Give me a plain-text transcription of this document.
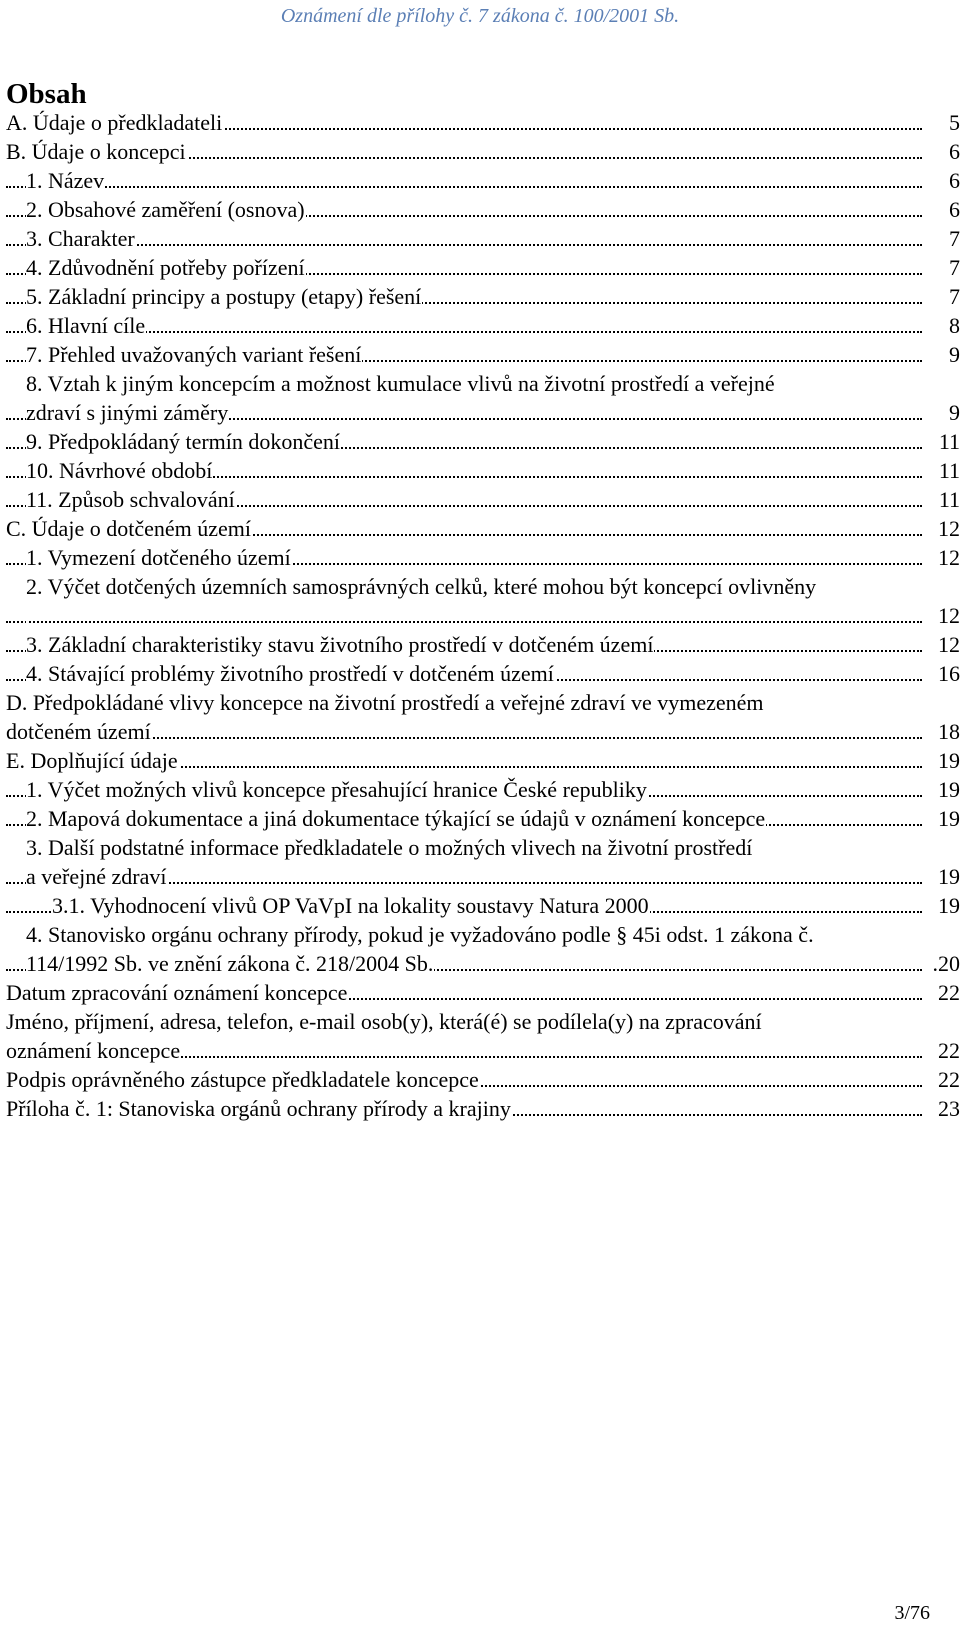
Oznámení dle přílohy č. 7 zákona č. 100/2001 Sb.
Obsah
A. Údaje o předkladateli	5
B. Údaje o koncepci	6
1. Název	6
2. Obsahové zaměření (osnova)	6
3. Charakter	7
4. Zdůvodnění potřeby pořízení	7
5. Základní principy a postupy (etapy) řešení	7
6. Hlavní cíle	8
7. Přehled uvažovaných variant řešení	9
8. Vztah k jiným koncepcím a možnost kumulace vlivů na životní prostředí a veřejné
zdraví s jinými záměry	9
9. Předpokládaný termín dokončení	11
10. Návrhové období	11
11. Způsob schvalování	11
C. Údaje o dotčeném území	12
1. Vymezení dotčeného území	12
2. Výčet dotčených územních samosprávných celků, které mohou být koncepcí ovlivněny
12
3. Základní charakteristiky stavu životního prostředí v dotčeném území	12
4. Stávající problémy životního prostředí v dotčeném území	16
D. Předpokládané vlivy koncepce na životní prostředí a veřejné zdraví ve vymezeném
dotčeném území	18
E. Doplňující údaje	19
1. Výčet možných vlivů koncepce přesahující hranice České republiky	19
2. Mapová dokumentace a jiná dokumentace týkající se údajů v oznámení koncepce	19
3. Další podstatné informace předkladatele o možných vlivech na životní prostředí
a veřejné zdraví	19
3.1. Vyhodnocení vlivů OP VaVpI na lokality soustavy Natura 2000	19
4. Stanovisko orgánu ochrany přírody, pokud je vyžadováno podle § 45i odst. 1 zákona č.
114/1992 Sb. ve znění zákona č. 218/2004 Sb.	.20
Datum zpracování oznámení koncepce	22
Jméno, příjmení, adresa, telefon, e-mail osob(y), která(é) se podílela(y) na zpracování
oznámení koncepce	22
Podpis oprávněného zástupce předkladatele koncepce	22
Příloha č. 1: Stanoviska orgánů ochrany přírody a krajiny	23
3/76
